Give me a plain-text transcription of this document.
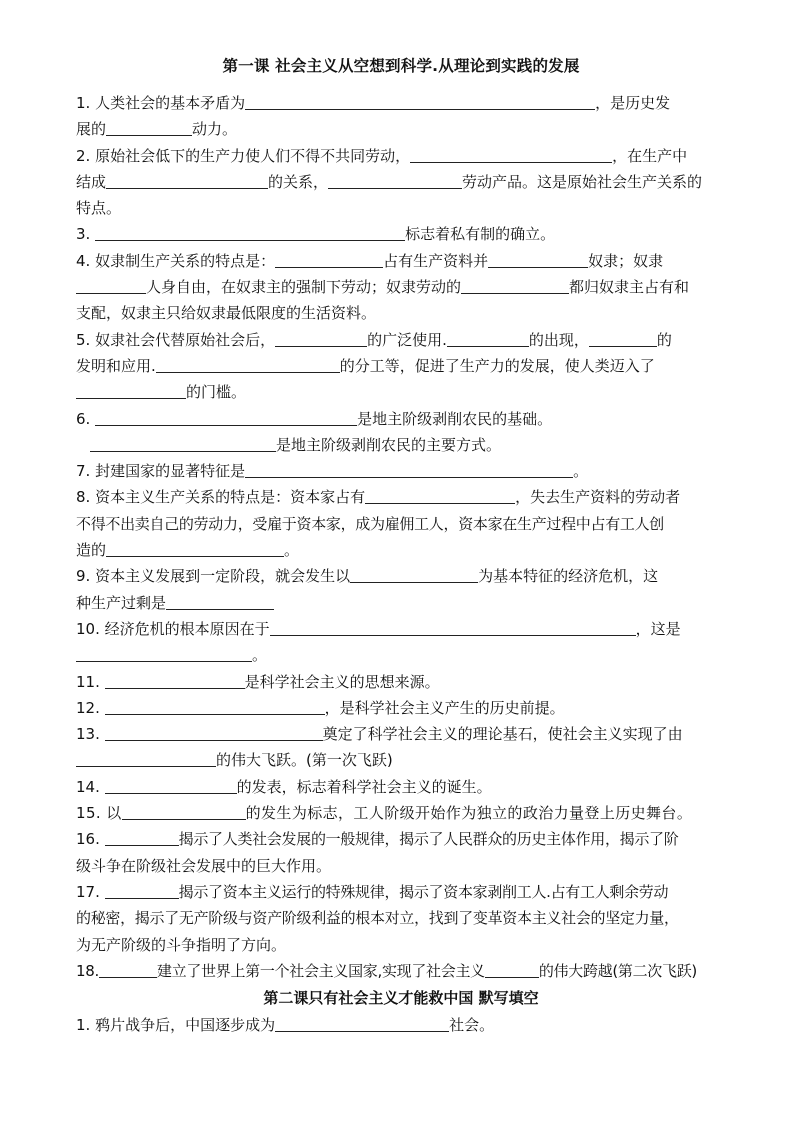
第一课 社会主义从空想到科学.从理论到实践的发展
1. 人类社会的基本矛盾为	，是历史发
展的	动力。
2. 原始社会低下的生产力使人们不得不共同劳动，	，在生产中
结成	的关系，	劳动产品。这是原始社会生产关系的
特点。
3.	标志着私有制的确立。
4. 奴隶制生产关系的特点是：	占有生产资料并	奴隶；奴隶
人身自由，在奴隶主的强制下劳动；奴隶劳动的	都归奴隶主占有和
支配，奴隶主只给奴隶最低限度的生活资料。
5. 奴隶社会代替原始社会后，	的广泛使用.	的出现，	的
发明和应用.	的分工等，促进了生产力的发展，使人类迈入了
的门槛。
6.	是地主阶级剥削农民的基础。
是地主阶级剥削农民的主要方式。
7. 封建国家的显著特征是	。
8. 资本主义生产关系的特点是：资本家占有	，失去生产资料的劳动者
不得不出卖自己的劳动力，受雇于资本家，成为雇佣工人，资本家在生产过程中占有工人创
造的	。
9. 资本主义发展到一定阶段，就会发生以	为基本特征的经济危机，这
种生产过剩是
10. 经济危机的根本原因在于	，这是
。
11.	是科学社会主义的思想来源。
12.	，是科学社会主义产生的历史前提。
13.	奠定了科学社会主义的理论基石，使社会主义实现了由
的伟大飞跃。(第一次飞跃)
14.	的发表，标志着科学社会主义的诞生。
15. 以	的发生为标志，工人阶级开始作为独立的政治力量登上历史舞台。
16.	揭示了人类社会发展的一般规律，揭示了人民群众的历史主体作用，揭示了阶
级斗争在阶级社会发展中的巨大作用。
17.	揭示了资本主义运行的特殊规律，揭示了资本家剥削工人.占有工人剩余劳动
的秘密，揭示了无产阶级与资产阶级利益的根本对立，找到了变革资本主义社会的坚定力量，
为无产阶级的斗争指明了方向。
18.	建立了世界上第一个社会主义国家,实现了社会主义	的伟大跨越(第二次飞跃)
第二课只有社会主义才能救中国 默写填空
1. 鸦片战争后，中国逐步成为	社会。
